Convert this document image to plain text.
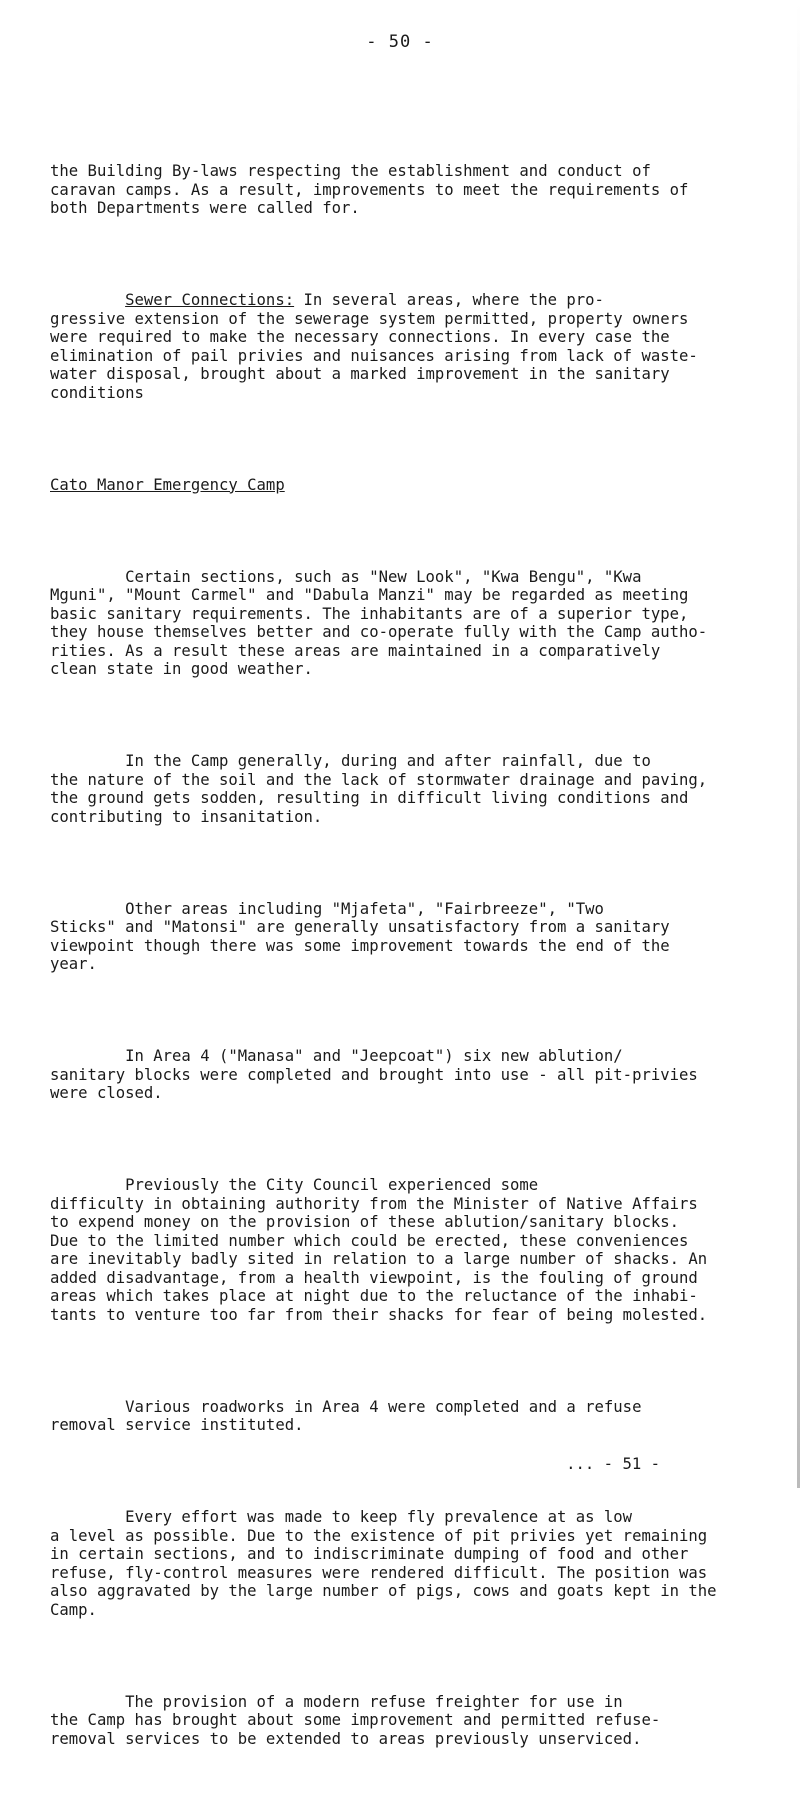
- 50 -

the Building By-laws respecting the establishment and conduct of
caravan camps. As a result, improvements to meet the requirements of
both Departments were called for.

Sewer Connections: In several areas, where the pro-
gressive extension of the sewerage system permitted, property owners
were required to make the necessary connections. In every case the
elimination of pail privies and nuisances arising from lack of waste-
water disposal, brought about a marked improvement in the sanitary
conditions

Cato Manor Emergency Camp

Certain sections, such as "New Look", "Kwa Bengu", "Kwa
Mguni", "Mount Carmel" and "Dabula Manzi" may be regarded as meeting
basic sanitary requirements. The inhabitants are of a superior type,
they house themselves better and co-operate fully with the Camp autho-
rities. As a result these areas are maintained in a comparatively
clean state in good weather.

In the Camp generally, during and after rainfall, due to
the nature of the soil and the lack of stormwater drainage and paving,
the ground gets sodden, resulting in difficult living conditions and
contributing to insanitation.

Other areas including "Mjafeta", "Fairbreeze", "Two
Sticks" and "Matonsi" are generally unsatisfactory from a sanitary
viewpoint though there was some improvement towards the end of the
year.

In Area 4 ("Manasa" and "Jeepcoat") six new ablution/
sanitary blocks were completed and brought into use - all pit-privies
were closed.

Previously the City Council experienced some
difficulty in obtaining authority from the Minister of Native Affairs
to expend money on the provision of these ablution/sanitary blocks.
Due to the limited number which could be erected, these conveniences
are inevitably badly sited in relation to a large number of shacks. An
added disadvantage, from a health viewpoint, is the fouling of ground
areas which takes place at night due to the reluctance of the inhabi-
tants to venture too far from their shacks for fear of being molested.

Various roadworks in Area 4 were completed and a refuse
removal service instituted.

Every effort was made to keep fly prevalence at as low
a level as possible. Due to the existence of pit privies yet remaining
in certain sections, and to indiscriminate dumping of food and other
refuse, fly-control measures were rendered difficult. The position was
also aggravated by the large number of pigs, cows and goats kept in the
Camp.

The provision of a modern refuse freighter for use in
the Camp has brought about some improvement and permitted refuse-
removal services to be extended to areas previously unserviced.

... - 51 -
